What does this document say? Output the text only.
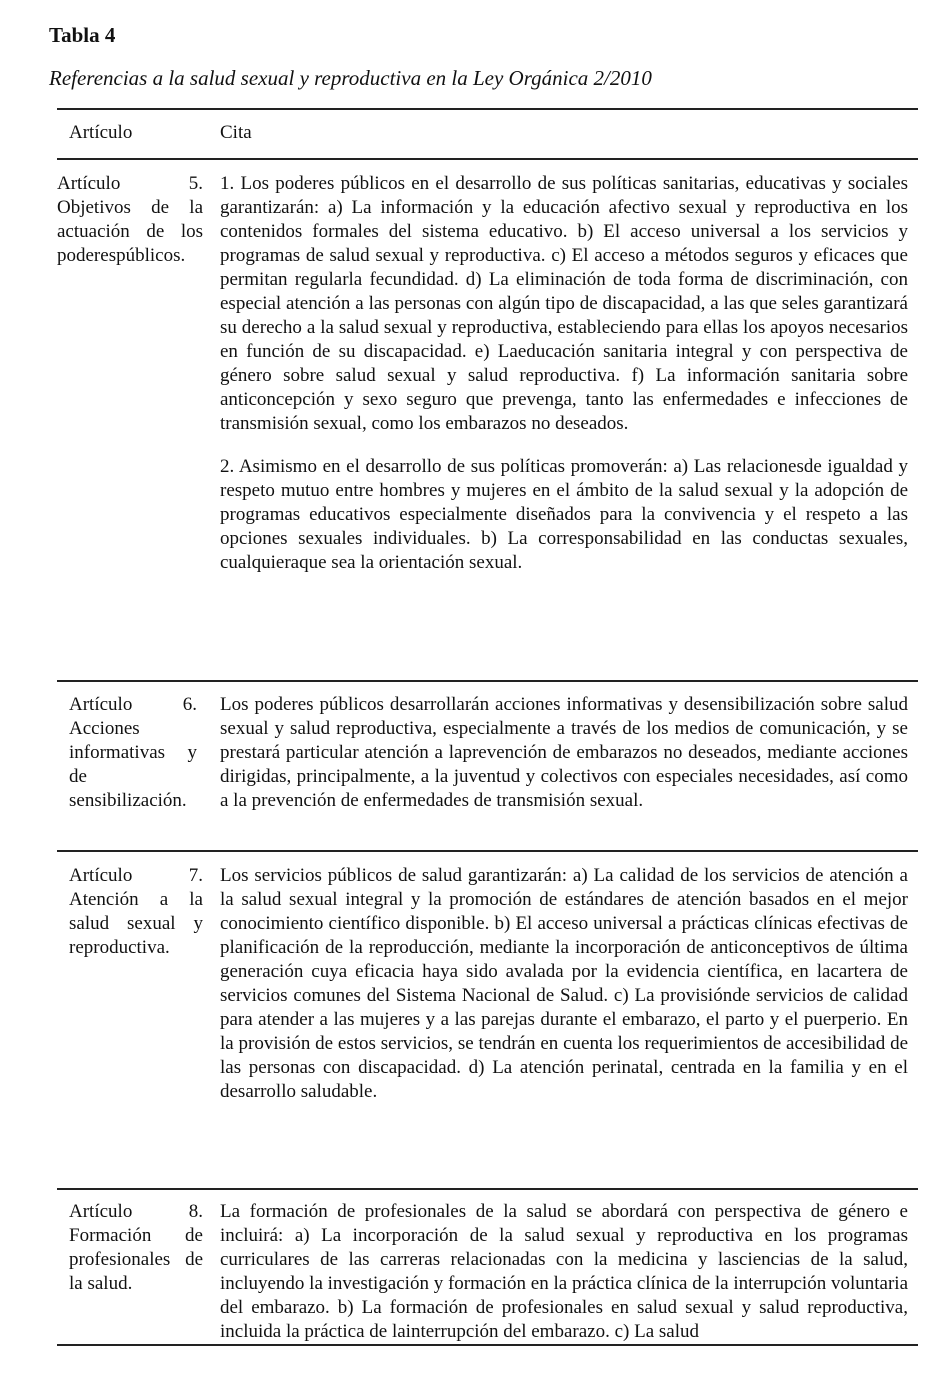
Tabla 4
Referencias a la salud sexual y reproductiva en la Ley Orgánica 2/2010
Artículo	Cita
Artículo 5. Objetivos de la actuación de los poderespúblicos.
1. Los poderes públicos en el desarrollo de sus políticas sanitarias, educativas y sociales garantizarán: a) La información y la educación afectivo sexual y reproductiva en los contenidos formales del sistema educativo. b) El acceso universal a los servicios y programas de salud sexual y reproductiva. c) El acceso a métodos seguros y eficaces que permitan regularla fecundidad. d) La eliminación de toda forma de discriminación, con especial atención a las personas con algún tipo de discapacidad, a las que seles garantizará su derecho a la salud sexual y reproductiva, estableciendo para ellas los apoyos necesarios en función de su discapacidad. e) Laeducación sanitaria integral y con perspectiva de género sobre salud sexual y salud reproductiva. f) La información sanitaria sobre anticoncepción y sexo seguro que prevenga, tanto las enfermedades e infecciones de transmisión sexual, como los embarazos no deseados.
2. Asimismo en el desarrollo de sus políticas promoverán: a) Las relacionesde igualdad y respeto mutuo entre hombres y mujeres en el ámbito de la salud sexual y la adopción de programas educativos especialmente diseñados para la convivencia y el respeto a las opciones sexuales individuales. b) La corresponsabilidad en las conductas sexuales, cualquieraque sea la orientación sexual.
Artículo 6. Acciones informativas y de sensibilización.
Los poderes públicos desarrollarán acciones informativas y desensibilización sobre salud sexual y salud reproductiva, especialmente a través de los medios de comunicación, y se prestará particular atención a laprevención de embarazos no deseados, mediante acciones dirigidas, principalmente, a la juventud y colectivos con especiales necesidades, así como a la prevención de enfermedades de transmisión sexual.
Artículo 7. Atención a la salud sexual y reproductiva.
Los servicios públicos de salud garantizarán: a) La calidad de los servicios de atención a la salud sexual integral y la promoción de estándares de atención basados en el mejor conocimiento científico disponible. b) El acceso universal a prácticas clínicas efectivas de planificación de la reproducción, mediante la incorporación de anticonceptivos de última generación cuya eficacia haya sido avalada por la evidencia científica, en lacartera de servicios comunes del Sistema Nacional de Salud. c) La provisiónde servicios de calidad para atender a las mujeres y a las parejas durante el embarazo, el parto y el puerperio. En la provisión de estos servicios, se tendrán en cuenta los requerimientos de accesibilidad de las personas con discapacidad. d) La atención perinatal, centrada en la familia y en el desarrollo saludable.
Artículo 8. Formación de profesionales de la salud.
La formación de profesionales de la salud se abordará con perspectiva de género e incluirá: a) La incorporación de la salud sexual y reproductiva en los programas curriculares de las carreras relacionadas con la medicina y lasciencias de la salud, incluyendo la investigación y formación en la práctica clínica de la interrupción voluntaria del embarazo. b) La formación de profesionales en salud sexual y salud reproductiva, incluida la práctica de lainterrupción del embarazo. c) La salud
